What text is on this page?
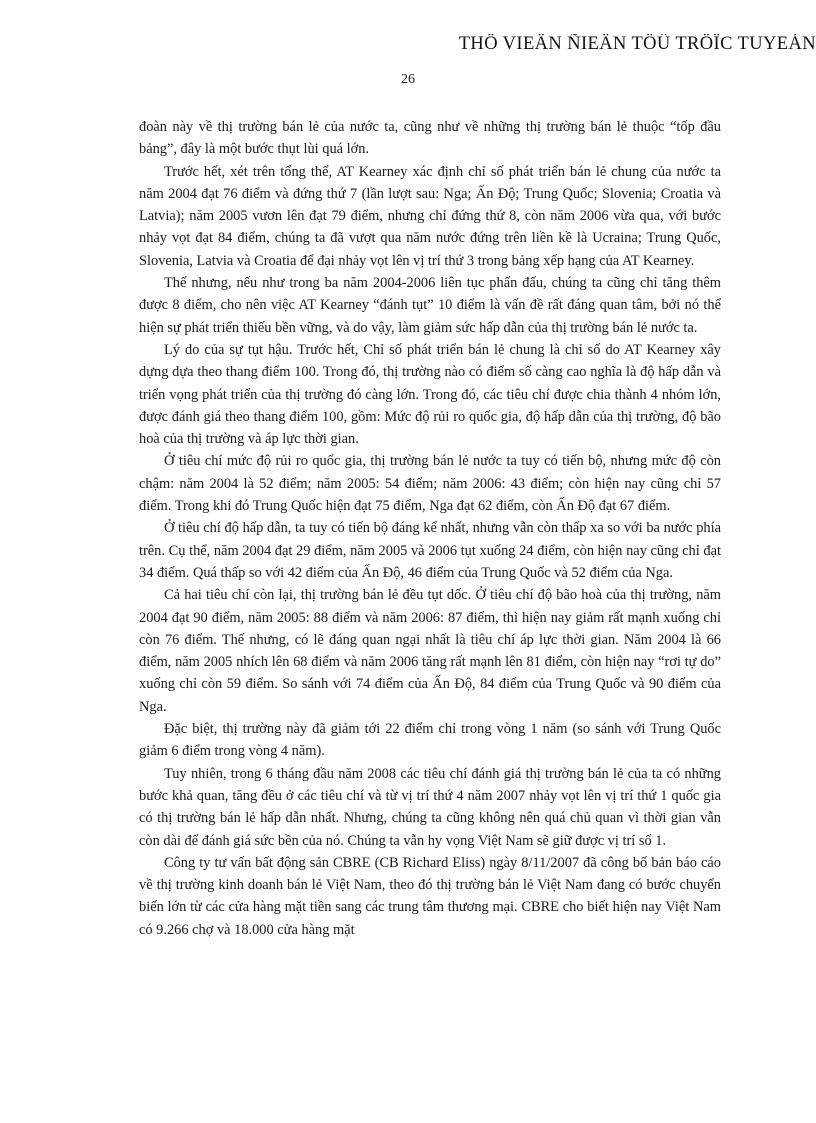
THÖ VIEÄN ÑIEÄN TÖÛ TRÖÏC TUYEÁN
26

đoàn này về thị trường bán lẻ của nước ta, cũng như về những thị trường bán lẻ thuộc “tốp đầu bảng”, đây là một bước thụt lùi quá lớn.

Trước hết, xét trên tổng thể, AT Kearney xác định chỉ số phát triển bán lẻ chung của nước ta năm 2004 đạt 76 điểm và đứng thứ 7 (lần lượt sau: Nga; Ấn Độ; Trung Quốc; Slovenia; Croatia và Latvia); năm 2005 vươn lên đạt 79 điểm, nhưng chỉ đứng thứ 8, còn năm 2006 vừa qua, với bước nhảy vọt đạt 84 điểm, chúng ta đã vượt qua năm nước đứng trên liền kề là Ucraina; Trung Quốc, Slovenia, Latvia và Croatia để đại nhảy vọt lên vị trí thứ 3 trong bảng xếp hạng của AT Kearney.

Thế nhưng, nếu như trong ba năm 2004-2006 liên tục phấn đấu, chúng ta cũng chỉ tăng thêm được 8 điểm, cho nên việc AT Kearney “đánh tụt” 10 điểm là vấn đề rất đáng quan tâm, bởi nó thể hiện sự phát triển thiếu bền vững, và do vậy, làm giảm sức hấp dẫn của thị trường bán lẻ nước ta.

Lý do của sự tụt hậu. Trước hết, Chỉ số phát triển bán lẻ chung là chỉ số do AT Kearney xây dựng dựa theo thang điểm 100. Trong đó, thị trường nào có điểm số càng cao nghĩa là độ hấp dẫn và triển vọng phát triển của thị trường đó càng lớn. Trong đó, các tiêu chí được chia thành 4 nhóm lớn, được đánh giá theo thang điểm 100, gồm: Mức độ rủi ro quốc gia, độ hấp dẫn của thị trường, độ bão hoà của thị trường và áp lực thời gian.

Ở tiêu chí mức độ rủi ro quốc gia, thị trường bán lẻ nước ta tuy có tiến bộ, nhưng mức độ còn chậm: năm 2004 là 52 điểm; năm 2005: 54 điểm; năm 2006: 43 điểm; còn hiện nay cũng chỉ 57 điểm. Trong khi đó Trung Quốc hiện đạt 75 điểm, Nga đạt 62 điểm, còn Ấn Độ đạt 67 điểm.

Ở tiêu chí độ hấp dẫn, ta tuy có tiến bộ đáng kể nhất, nhưng vẫn còn thấp xa so với ba nước phía trên. Cụ thể, năm 2004 đạt 29 điểm, năm 2005 và 2006 tụt xuống 24 điểm, còn hiện nay cũng chỉ đạt 34 điểm. Quá thấp so với 42 điểm của Ấn Độ, 46 điểm của Trung Quốc và 52 điểm của Nga.

Cả hai tiêu chí còn lại, thị trường bán lẻ đều tụt dốc. Ở tiêu chí độ bão hoà của thị trường, năm 2004 đạt 90 điểm, năm 2005: 88 điểm và năm 2006: 87 điểm, thì hiện nay giảm rất mạnh xuống chỉ còn 76 điểm. Thế nhưng, có lẽ đáng quan ngại nhất là tiêu chí áp lực thời gian. Năm 2004 là 66 điểm, năm 2005 nhích lên 68 điểm và năm 2006 tăng rất mạnh lên 81 điểm, còn hiện nay “rơi tự do” xuống chỉ còn 59 điểm. So sánh với 74 điểm của Ấn Độ, 84 điểm của Trung Quốc và 90 điểm của Nga.

Đặc biệt, thị trường này đã giảm tới 22 điểm chỉ trong vòng 1 năm (so sánh với Trung Quốc giảm 6 điểm trong vòng 4 năm).

Tuy nhiên, trong 6 tháng đầu năm 2008 các tiêu chí đánh giá thị trường bán lẻ của ta có những bước khả quan, tăng đều ở các tiêu chí và từ vị trí thứ 4 năm 2007 nhảy vọt lên vị trí thứ 1 quốc gia có thị trường bán lẻ hấp dẫn nhất. Nhưng, chúng ta cũng không nên quá chủ quan vì thời gian vẫn còn dài để đánh giá sức bền của nó. Chúng ta vẫn hy vọng Việt Nam sẽ giữ được vị trí số 1.

Công ty tư vấn bất động sản CBRE (CB Richard Eliss) ngày 8/11/2007 đã công bố bản báo cáo về thị trường kinh doanh bán lẻ Việt Nam, theo đó thị trường bán lẻ Việt Nam đang có bước chuyển biến lớn từ các cửa hàng mặt tiền sang các trung tâm thương mại. CBRE cho biết hiện nay Việt Nam có 9.266 chợ và 18.000 cửa hàng mặt
